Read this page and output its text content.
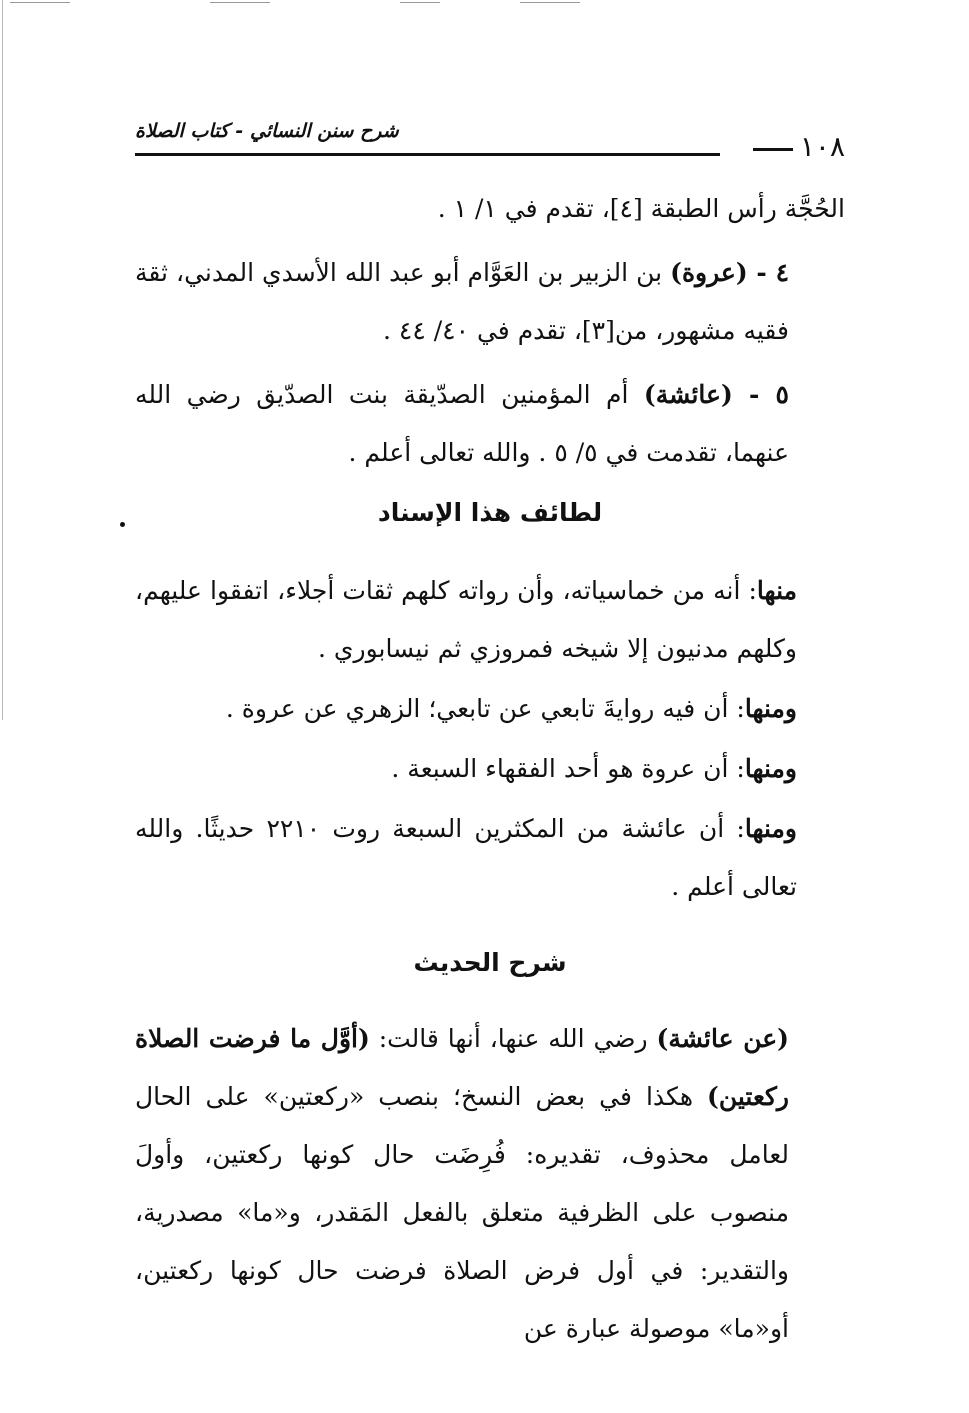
١٠٨
شرح سنن النسائي - كتاب الصلاة

الحُجَّة رأس الطبقة [٤]، تقدم في ١/ ١ .

٤ - (عروة) بن الزبير بن العَوَّام أبو عبد الله الأسدي المدني، ثقة فقيه مشهور، من[٣]، تقدم في ٤٠/ ٤٤ .

٥ - (عائشة) أم المؤمنين الصدّيقة بنت الصدّيق رضي الله عنهما، تقدمت في ٥/ ٥ . والله تعالى أعلم .

لطائف هذا الإسناد

منها: أنه من خماسياته، وأن رواته كلهم ثقات أجلاء، اتفقوا عليهم، وكلهم مدنيون إلا شيخه فمروزي ثم نيسابوري .

ومنها: أن فيه روايةَ تابعي عن تابعي؛ الزهري عن عروة .

ومنها: أن عروة هو أحد الفقهاء السبعة .

ومنها: أن عائشة من المكثرين السبعة روت ٢٢١٠ حديثًا. والله تعالى أعلم .

شرح الحديث

(عن عائشة) رضي الله عنها، أنها قالت: (أوَّل ما فرضت الصلاة ركعتين) هكذا في بعض النسخ؛ بنصب «ركعتين» على الحال لعامل محذوف، تقديره: فُرِضَت حال كونها ركعتين، وأولَ منصوب على الظرفية متعلق بالفعل المَقدر، و«ما» مصدرية، والتقدير: في أول فرض الصلاة فرضت حال كونها ركعتين، أو«ما» موصولة عبارة عن
